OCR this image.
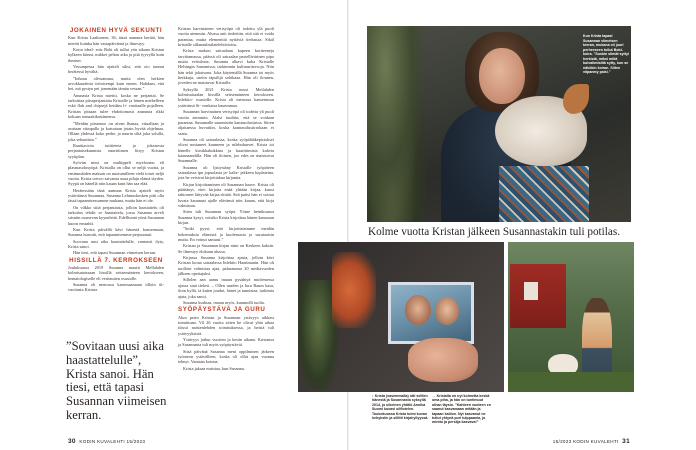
JOKAINEN HYVÄ SEKUNTI

Kun Krista Laaksonen, 36, tässä aamuna herätä, hän miettii kuinka hän vastapäivänsä ja ilmestyy.

Koira ideal- eräs Bobi oli tullut yön aikana Kristan kylkeen kiinni, mikkei pelton aika ja piiä tyyvyllä kuin ihmiset.

Vessanpessa hän ajatteli siksi, että oto tunnut herätessä hyvältä.

”Inhoan olivuamma, mutta olen hetkien arvokkuudesta tietoisempi kuin ennen. Haltdam, että hei, mä pystyn pei jonemään tämän vessan.”

Anunasta Krista miettii, koska ne perjantai. Se tarkoittaa pitsaperjantaita Kristalle ja hänen miehelleen eskö flah and chipsejä heidäm li- vuottaalle pojalleen. Kristan pitsaan tulee ehdottomasti ananasta rikki kokuan tomaattikastimensa.

”Meidän pitsamoo on aivan lhanaa, vituallaan ja avataan viimpallo ja katsotaan jotain hyvää ohjelmaa. Ollaan yhdessä koko perhe, ja naurin siltä joka solulla, joka sekuntista.”

Raattiaviota tuittieteta ja jokaisesta perjantaisekunnista naurittimen litryy Kristan syytiplan.

Syövän nimi on multippeli myeloomu eli plasmasolusyöpä. Kristalla on ollut se neljä vuotta, ja ensimmäiden maksan on nuotumilleen vielä toiset neljä vuotta. Krista toivoo saivansa uusa pilajn elämä täyden. Syypä on hänellä niin kauan kuin hän saa elää.

Herätessään tänä aamuna Krista ajatteli myös ystäväänsä Susannaa. Susanna Lehmuskosken pitti olla tässä tapaamisessamme mukana, mutta hän ei ole.

On vilkko siitä perjantaista, jolloin haastattelu oli tarkoitus tehdä: se haastattela, jossa Susanna arveli sitsniin nousevan kyynelettä. Edellisenä yönä Susannan kuorn ernaahti.

Kun Krista päivällä kävi hänestä kansennaan, Susanna hurrutti, että tapaamisemme perjuuntuit.

Soovaan uusi aika haastattelulle, varmasti ilyty, Krista sanoi.

Hän tiesi, että tapasi Susannan viimeisen kerran.

HISSILLÄ 7. KERROKSEEN

Joulukuussa 2019 Susanna muutti Mellahden kolmisataissaan hissillä seitsemänteen kerrokseen, hematologiselle eli veritautien osastolle.

Susanna oli menossa kantosaamaan tilloin ik- vuotiasta Kristaa.

Kristan harvinainen verisyöpä oli todettu ylä puoli vuotta aiemmin. Alussa anti tiedettiin, että sitä ei voida parantaa, mutta elementtiä nyttäviä tiedustaa. Sikäl kristalle sillanaulmilatelehtiviottu.

Krista makasi sairaalaan kapeen kortteeneja tarvittamassa, päässä oli sairaalan pastellivärinen pipo mutta evitulosta. Susanna alkavi kuka Kristalle Helsingin Sanomissa, tarkimmin kulttuuritervoja. Niin hän tekii jokaisona. Joka käytemällä Susanna toi myös herkkuja, useiin täpsilijä sohikaaa. Hän oli ilonnen, joveden ne maistuvat Kristalle.

Syksyllä 2021 Krista nousi Meilahden kolmisairaalan hissillä seitsemänteen kerrokseen. Infektio- osastolle. Krista oli menossa kansennsan ystävänsä Si- vonkaisa kauemmaa.

Susannan harvinainen verisyöpä oli todettu yli puoli vuotta aiemmin. Alalsi tuultiin, että se voidaan parantaa. Susannalle suunnistiin kantasolusiirtoa. Siiren aljattaessa huvuttiin, koska kannasolusiirrokaan ei saatu.

Susanna oli sairaalassa, koska syöpälääkepistokset olivat nostaneet kuumeen ja rulebuharvet. Krista toi hänelle kirsikkakukkina ja kaarttiimista kahvia kaarnaandilla. Hän oli iloinen, joo edes ne maistuivat Susannalle.

Susanna oli ljsitystäny Kristalle työpöteen sairaalassa ipn jopuolasta ja- kaltz- jakkeen koplateina, jota he veisivat kirjoittakua kirjamia.

Kirjan kirjoittaminen oli Susannan haave. Krista oli päättänyt, ettei kirjoita enää yhtään kirjaa, kuusi tahtoneet lättyvää kirjaa riittää. Sitä paitsi hän ei voinut luvata kauaanat ajalle elävänsä niin kauan, että kirja valmistuu.

Siten tuli Susannan syöpä. Yöme heinikuussa Susanna kysyi, voisiko Krista kirjoittaa hänen kanssaan kirjan.

”Sotki pyysi, että kirjoittaisimme meidän kokemuksia elämistä ja kuolemasta ja surutaaisin mutta. En voinut sanuasi.”

Kristan ja Susannan kirjan nimi on Keskeen kaksin. Se ilmestyy elokuun alussa.

Kirjassa Susanna kirjoittaa ajasta, jolloin kävi Kristan luona sairaalassa Infektio Haartmanin. Hän oli tuolloin valmistaa ajaa, palaamassa 20 mediavuoden jälkeen opettajaksi.

Sillolen aan aamu imaan pysähtyä miolemessa ajassa sinä tärkeä. – Ollen usaden ja Iura Raum kasa, iloin kyllä, iä kuten joudut, hänet ja tunnistaa, tarkimia ajata, joka sanoi.

Susanna kurktaa, imaan myös, kuunnolli tuolta.

SYÖPÄYSTÄVÄ JA GURU

Alun perin Kristan ja Susannan ystävyys aikkasi toimittuan. Vil 26 vuotta sitten he olivat yhtä aikaa töissä naistenlehden toimituksessa, ja heistä tuli ystävyyksistä.

Ystävyys jatkui vuosien ja kesän aikana. Kristansa ja Susannasta tuli myös syöpäystäviä.

Sitsä päivänä Susanna meni oppilminen järkeen työnteon ystävälleen, koska oli ollut ajan vuonna tehnyt. Vantaan kotona.

Krista jaksaa muistaa, kun Susanna.

”Sovitaan uusi aika haastattelulle”, Krista sanoi. Hän tiesi, että tapasi Susannan viimeisen kerran.
30 KODIN KUVALEHTI 15/2023	15/2023 KODIN KUVALEHTI 31
Kun Krista tapasi Susannan viimeisen kerran, mukana oli juuri perheeseen tullut Bobi-koira. ”Suskin silmät syttyi herkistä, miksi miitä kuivaltmisiltä sytty, kun se näkökin koiran. Siiten vilpanmy palsi.”
Kolme vuotta Kristan jälkeen Susannastakin tuli potilas.
↑ Krista (vasemmalla) otti selfien hänestä ja Susannasta syksyllä 2014, jo ulkeinen yhtälö Annika Suomi kuvasi oilfiotelen. Toukokuussa Krista toimi kuvan kehyksiin ja sillitti kirjahyllyyssä.
→ Kristalla on nyt kolmetta keskä oma piha, ja hän on tuntimuut olhan täysin. ”Kahteen vuoteen en saanut kasvamaan mitään ja tapaan kailion. Nyt kasvanut ne tullut yhtynä puri tulppaania, ja minttu ja persilja kasvava!”
